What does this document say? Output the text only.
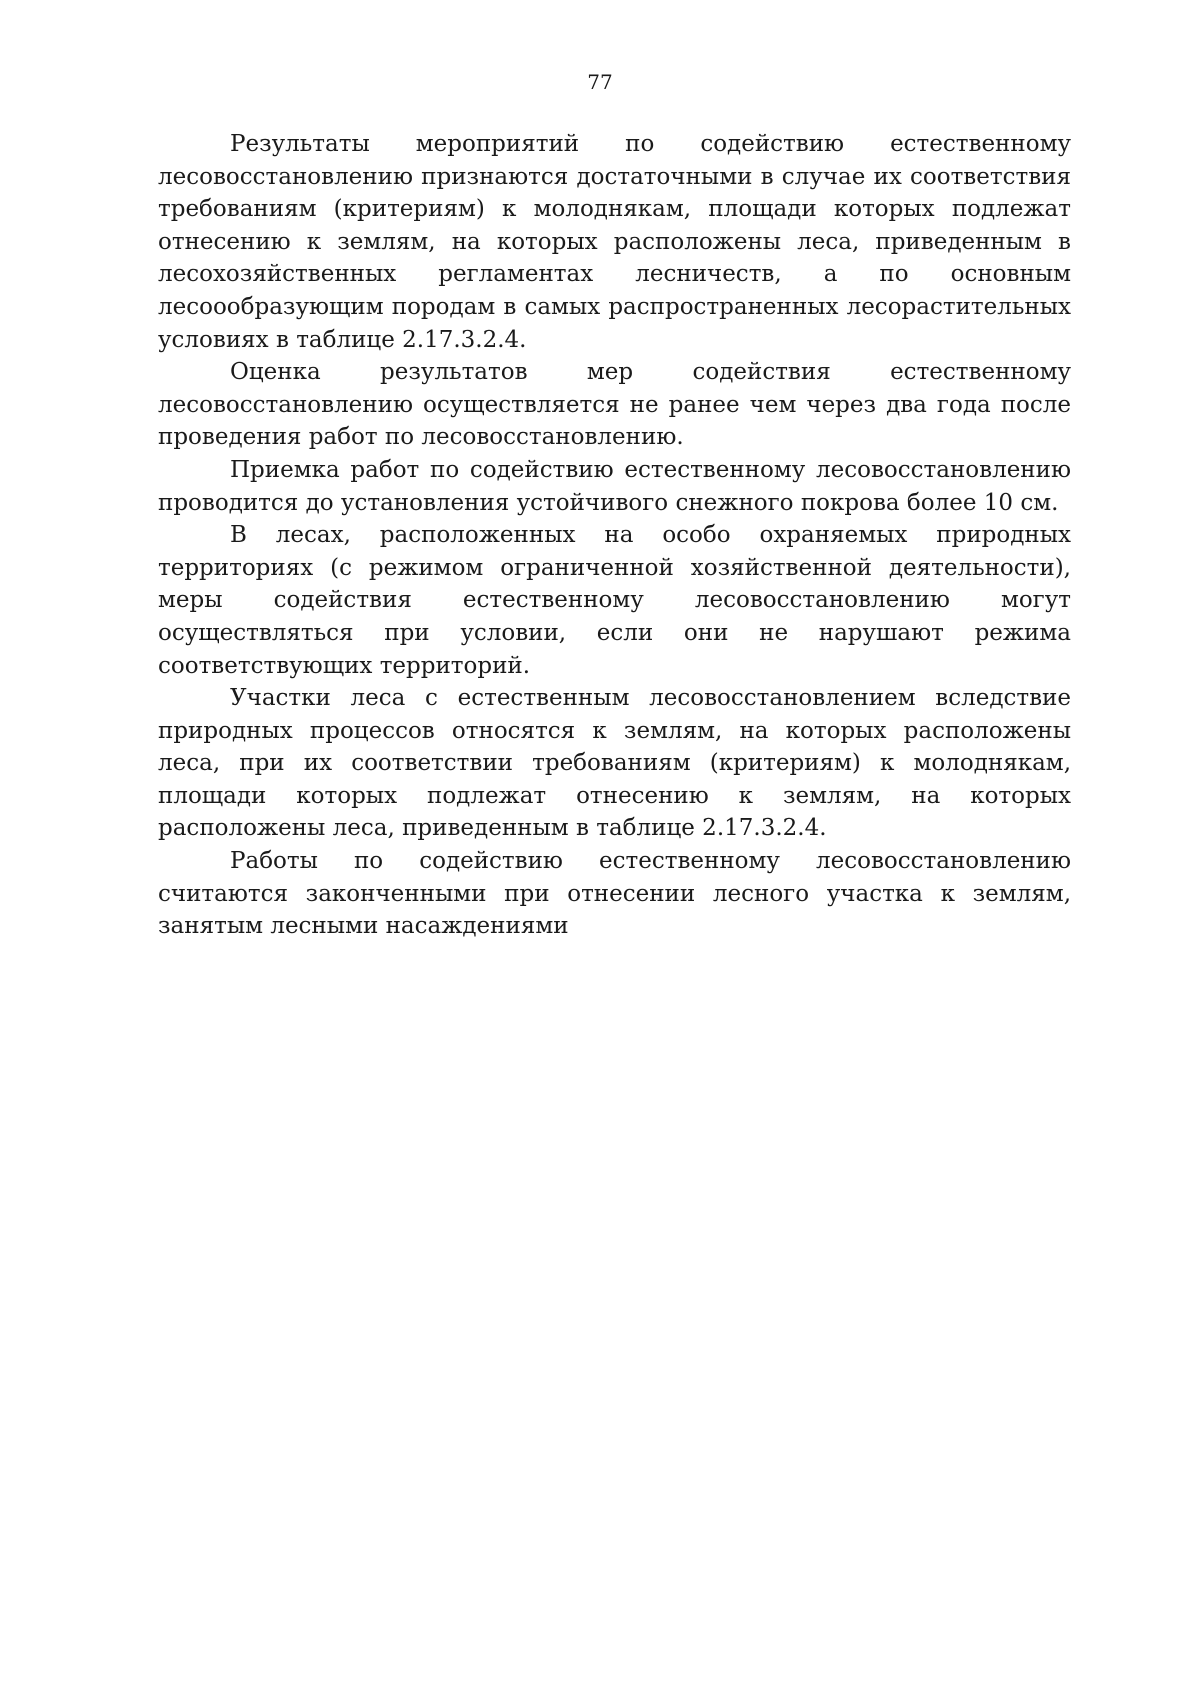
77

Результаты мероприятий по содействию естественному лесовосстановлению признаются достаточными в случае их соответствия требованиям (критериям) к молоднякам, площади которых подлежат отнесению к землям, на которых расположены леса, приведенным в лесохозяйственных регламентах лесничеств, а по основным лесоообразующим породам в самых распространенных лесорастительных условиях в таблице 2.17.3.2.4.

Оценка результатов мер содействия естественному лесовосстановлению осуществляется не ранее чем через два года после проведения работ по лесовосстановлению.

Приемка работ по содействию естественному лесовосстановлению проводится до установления устойчивого снежного покрова более 10 см.

В лесах, расположенных на особо охраняемых природных территориях (с режимом ограниченной хозяйственной деятельности), меры содействия естественному лесовосстановлению могут осуществляться при условии, если они не нарушают режима соответствующих территорий.

Участки леса с естественным лесовосстановлением вследствие природных процессов относятся к землям, на которых расположены леса, при их соответствии требованиям (критериям) к молоднякам, площади которых подлежат отнесению к землям, на которых расположены леса, приведенным в таблице 2.17.3.2.4.

Работы по содействию естественному лесовосстановлению считаются законченными при отнесении лесного участка к землям, занятым лесными насаждениями
